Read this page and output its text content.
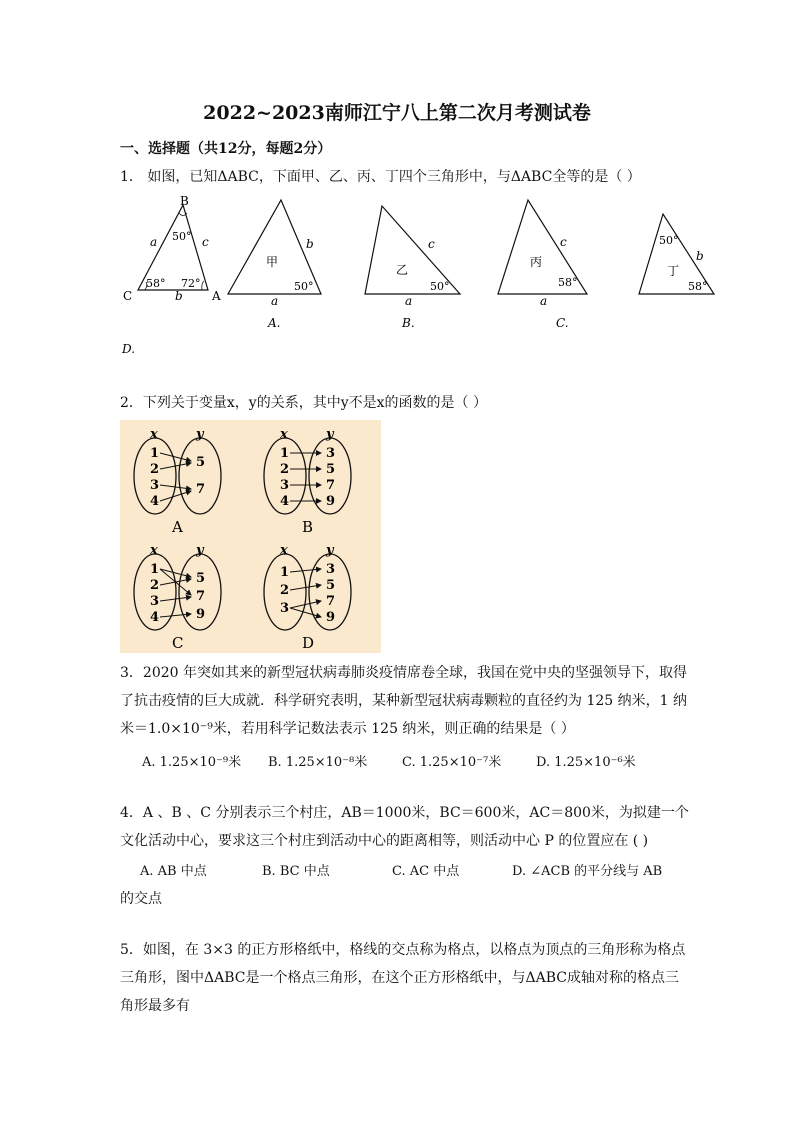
2022~2023南师江宁八上第二次月考测试卷
一、选择题（共12分，每题2分）
1． 如图，已知ΔABC，下面甲、乙、丙、丁四个三角形中，与ΔABC全等的是（ ）
B
C	A
a	c
b
50°
58° 72°
甲
b
a
50°
乙
c
a
50°
丙
c
a
58°
丁
b
50°
58°
A.	B.	C.
D.
2．下列关于变量x，y的关系，其中y不是x的函数的是（ ）
x	y
1
2
3
4
5
7
A
x	y
1
2
3
4
3
5
7
9
B
x	y
1
2
3
4
5
7
9
C
x	y
1
2
3
3
5
7
9
D
3．2020 年突如其来的新型冠状病毒肺炎疫情席卷全球，我国在党中央的坚强领导下，取得
了抗击疫情的巨大成就．科学研究表明，某种新型冠状病毒颗粒的直径约为 125 纳米，1 纳
米＝1.0×10⁻⁹米，若用科学记数法表示 125 纳米，则正确的结果是（ ）
A. 1.25×10⁻⁹米 B. 1.25×10⁻⁸米	C. 1.25×10⁻⁷米	D. 1.25×10⁻⁶米
4．A 、B 、C 分别表示三个村庄，AB＝1000米，BC＝600米，AC＝800米，为拟建一个
文化活动中心，要求这三个村庄到活动中心的距离相等，则活动中心 P 的位置应在 ( )
A. AB 中点	B. BC 中点	C. AC 中点	D. ∠ACB 的平分线与 AB
的交点
5．如图，在 3×3 的正方形格纸中，格线的交点称为格点，以格点为顶点的三角形称为格点
三角形，图中ΔABC是一个格点三角形，在这个正方形格纸中，与ΔABC成轴对称的格点三
角形最多有
